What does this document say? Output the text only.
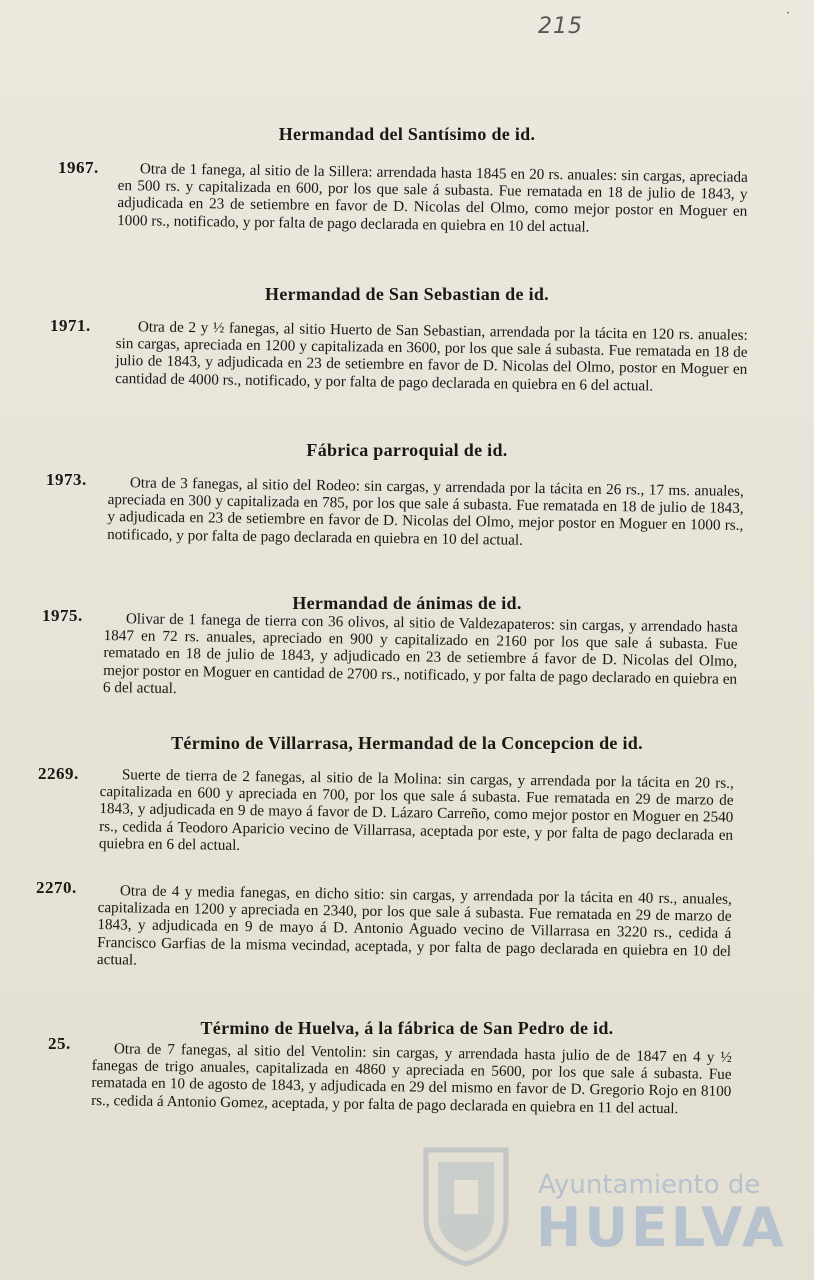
·
215
Hermandad del Santísimo de id.
1967.	Otra de 1 fanega, al sitio de la Sillera: arrendada hasta 1845 en 20 rs. anuales: sin cargas, apreciada en 500 rs. y capitalizada en 600, por los que sale á subasta. Fue rematada en 18 de julio de 1843, y adjudicada en 23 de setiembre en favor de D. Nicolas del Olmo, como mejor postor en Moguer en 1000 rs., notificado, y por falta de pago declarada en quiebra en 10 del actual.
Hermandad de San Sebastian de id.
1971.	Otra de 2 y ½ fanegas, al sitio Huerto de San Sebastian, arrendada por la tácita en 120 rs. anuales: sin cargas, apreciada en 1200 y capitalizada en 3600, por los que sale á subasta. Fue rematada en 18 de julio de 1843, y adjudicada en 23 de setiembre en favor de D. Nicolas del Olmo, postor en Moguer en cantidad de 4000 rs., notificado, y por falta de pago declarada en quiebra en 6 del actual.
Fábrica parroquial de id.
1973.	Otra de 3 fanegas, al sitio del Rodeo: sin cargas, y arrendada por la tácita en 26 rs., 17 ms. anuales, apreciada en 300 y capitalizada en 785, por los que sale á subasta. Fue rematada en 18 de julio de 1843, y adjudicada en 23 de setiembre en favor de D. Nicolas del Olmo, mejor postor en Moguer en 1000 rs., notificado, y por falta de pago declarada en quiebra en 10 del actual.
Hermandad de ánimas de id.
1975.	Olivar de 1 fanega de tierra con 36 olivos, al sitio de Valdezapateros: sin cargas, y arrendado hasta 1847 en 72 rs. anuales, apreciado en 900 y capitalizado en 2160 por los que sale á subasta. Fue rematado en 18 de julio de 1843, y adjudicado en 23 de setiembre á favor de D. Nicolas del Olmo, mejor postor en Moguer en cantidad de 2700 rs., notificado, y por falta de pago declarado en quiebra en 6 del actual.
Término de Villarrasa, Hermandad de la Concepcion de id.
2269.	Suerte de tierra de 2 fanegas, al sitio de la Molina: sin cargas, y arrendada por la tácita en 20 rs., capitalizada en 600 y apreciada en 700, por los que sale á subasta. Fue rematada en 29 de marzo de 1843, y adjudicada en 9 de mayo á favor de D. Lázaro Carreño, como mejor postor en Moguer en 2540 rs., cedida á Teodoro Aparicio vecino de Villarrasa, aceptada por este, y por falta de pago declarada en quiebra en 6 del actual.
2270.	Otra de 4 y media fanegas, en dicho sitio: sin cargas, y arrendada por la tácita en 40 rs., anuales, capitalizada en 1200 y apreciada en 2340, por los que sale á subasta. Fue rematada en 29 de marzo de 1843, y adjudicada en 9 de mayo á D. Antonio Aguado vecino de Villarrasa en 3220 rs., cedida á Francisco Garfias de la misma vecindad, aceptada, y por falta de pago declarada en quiebra en 10 del actual.
Término de Huelva, á la fábrica de San Pedro de id.
25.	Otra de 7 fanegas, al sitio del Ventolin: sin cargas, y arrendada hasta julio de de 1847 en 4 y ½ fanegas de trigo anuales, capitalizada en 4860 y apreciada en 5600, por los que sale á subasta. Fue rematada en 10 de agosto de 1843, y adjudicada en 29 del mismo en favor de D. Gregorio Rojo en 8100 rs., cedida á Antonio Gomez, aceptada, y por falta de pago declarada en quiebra en 11 del actual.
Ayuntamiento de
HUELVA
